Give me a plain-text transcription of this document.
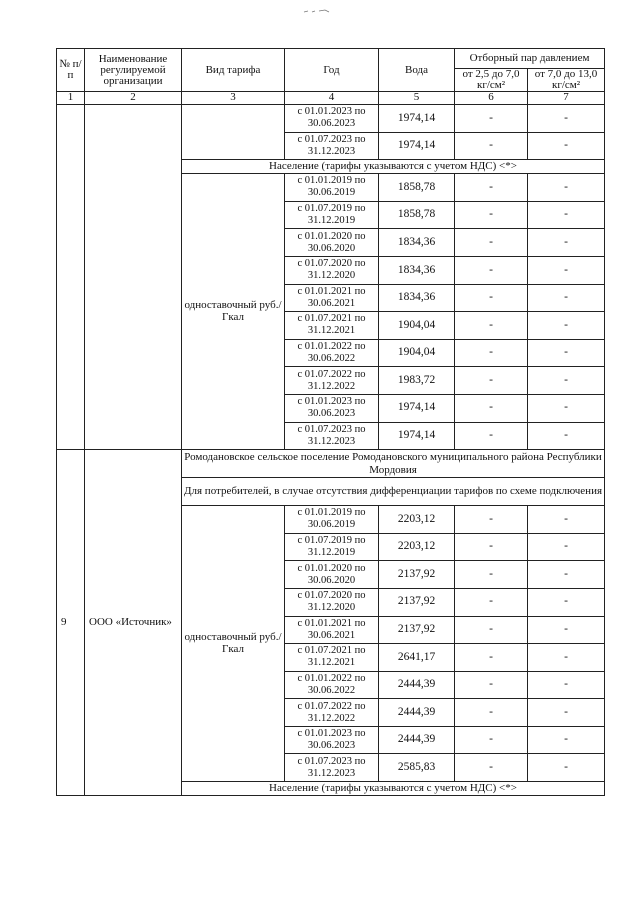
№ п/п	Наименование регулируемой организации	Вид тарифа	Год	Вода	Отборный пар давлением	
					от 2,5 до 7,0 кг/см²	от 7,0 до 13,0 кг/см²
1	2	3	4	5	6	7
			с 01.01.2023 по 30.06.2023	1974,14	-	-
			с 01.07.2023 по 31.12.2023	1974,14	-	-
		Население (тарифы указываются с учетом НДС) <*>				
		одноставочный руб./Гкал	с 01.01.2019 по 30.06.2019	1858,78	-	-
			с 01.07.2019 по 31.12.2019	1858,78	-	-
			с 01.01.2020 по 30.06.2020	1834,36	-	-
			с 01.07.2020 по 31.12.2020	1834,36	-	-
			с 01.01.2021 по 30.06.2021	1834,36	-	-
			с 01.07.2021 по 31.12.2021	1904,04	-	-
			с 01.01.2022 по 30.06.2022	1904,04	-	-
			с 01.07.2022 по 31.12.2022	1983,72	-	-
			с 01.01.2023 по 30.06.2023	1974,14	-	-
			с 01.07.2023 по 31.12.2023	1974,14	-	-
9	ООО «Источник»	Ромодановское сельское поселение Ромодановского муниципального района Республики Мордовия				
		Для потребителей, в случае отсутствия дифференциации тарифов по схеме подключения				
		одноставочный руб./Гкал	с 01.01.2019 по 30.06.2019	2203,12	-	-
			с 01.07.2019 по 31.12.2019	2203,12	-	-
			с 01.01.2020 по 30.06.2020	2137,92	-	-
			с 01.07.2020 по 31.12.2020	2137,92	-	-
			с 01.01.2021 по 30.06.2021	2137,92	-	-
			с 01.07.2021 по 31.12.2021	2641,17	-	-
			с 01.01.2022 по 30.06.2022	2444,39	-	-
			с 01.07.2022 по 31.12.2022	2444,39	-	-
			с 01.01.2023 по 30.06.2023	2444,39	-	-
			с 01.07.2023 по 31.12.2023	2585,83	-	-
		Население (тарифы указываются с учетом НДС) <*>				
